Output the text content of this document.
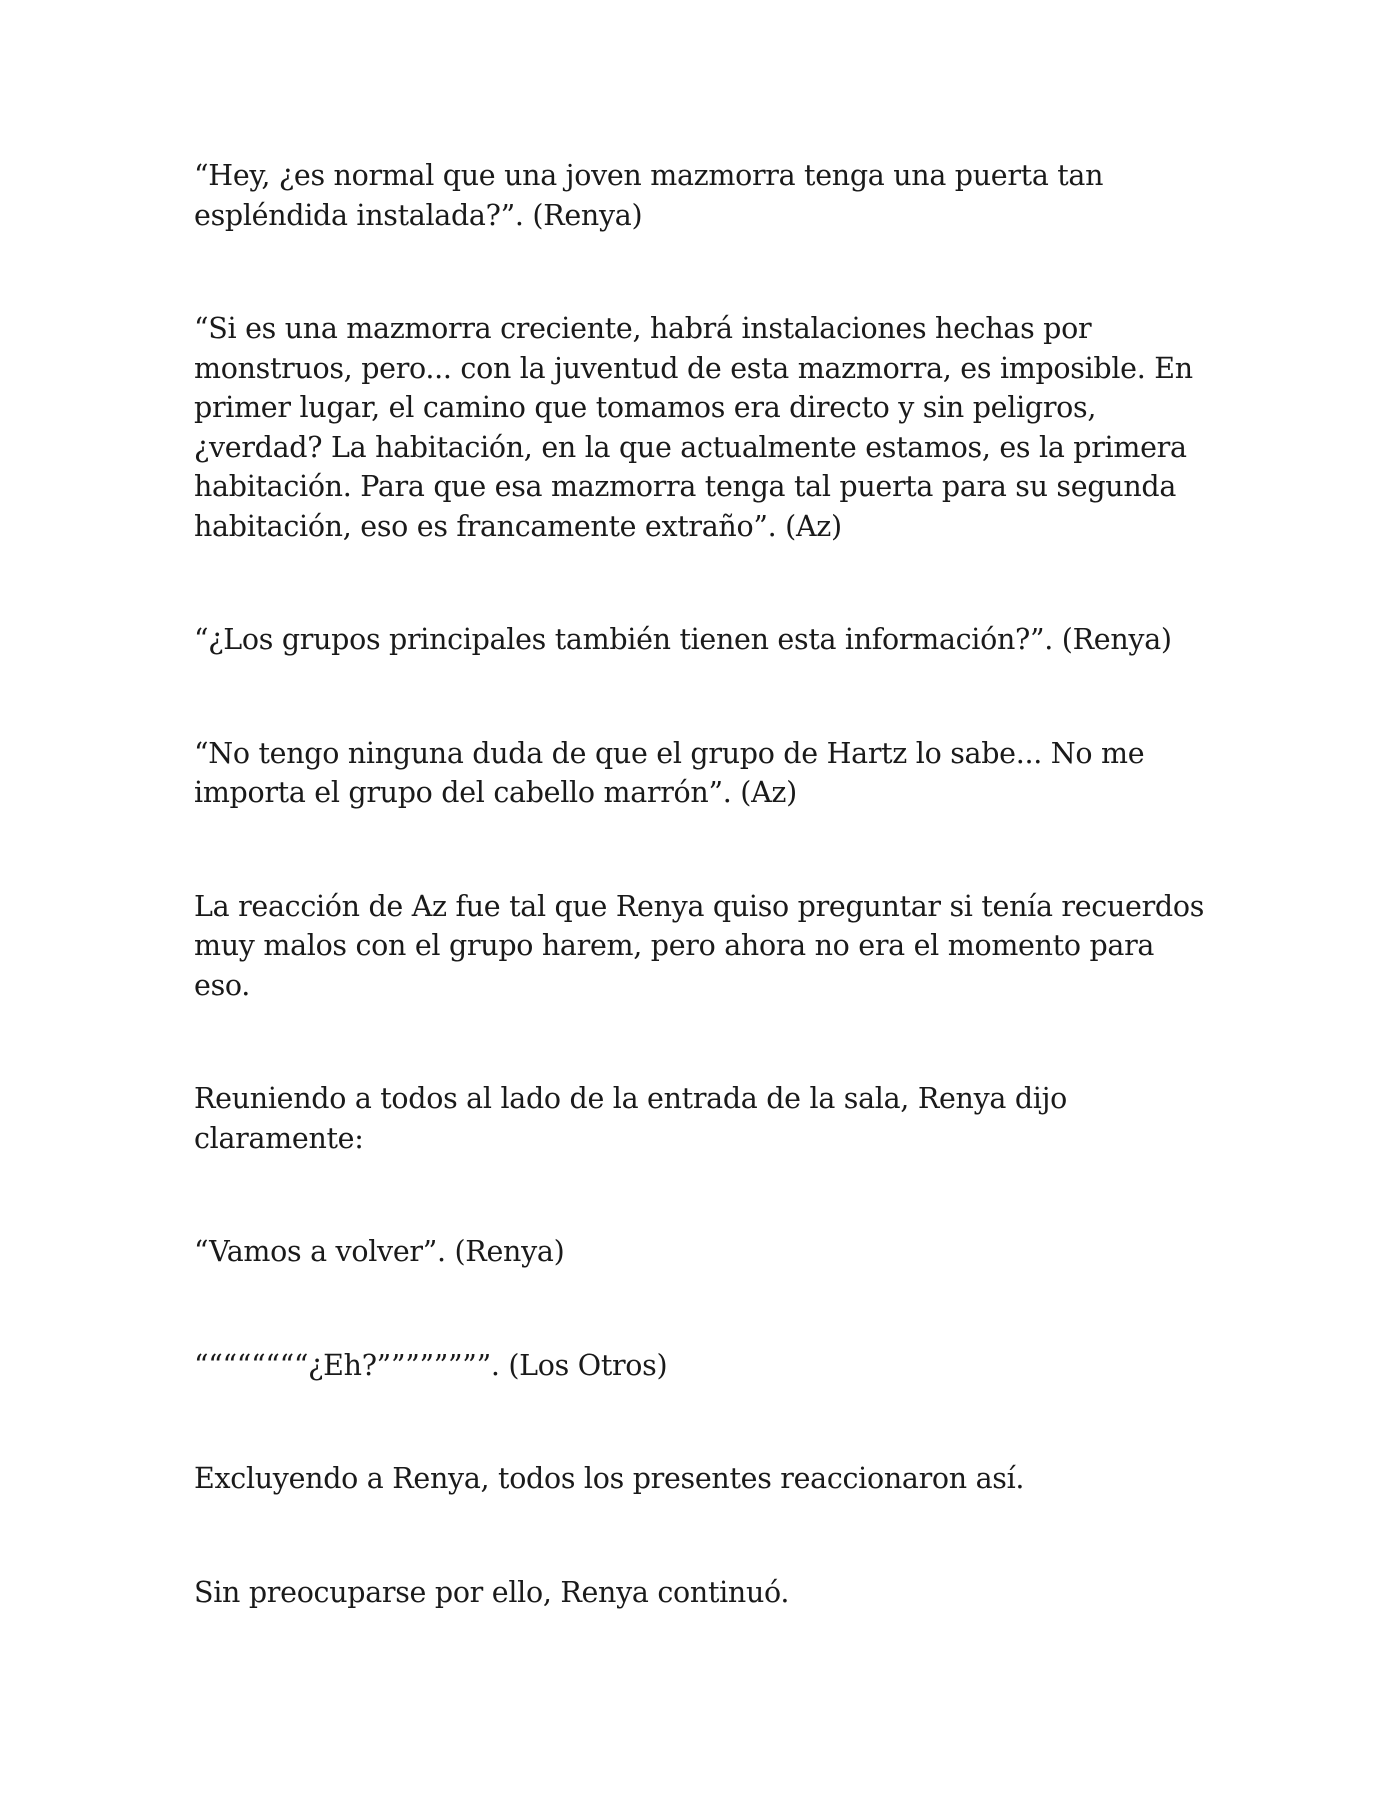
“Hey, ¿es normal que una joven mazmorra tenga una puerta tan
espléndida instalada?”. (Renya)

“Si es una mazmorra creciente, habrá instalaciones hechas por
monstruos, pero... con la juventud de esta mazmorra, es imposible. En
primer lugar, el camino que tomamos era directo y sin peligros,
¿verdad? La habitación, en la que actualmente estamos, es la primera
habitación. Para que esa mazmorra tenga tal puerta para su segunda
habitación, eso es francamente extraño”. (Az)

“¿Los grupos principales también tienen esta información?”. (Renya)

“No tengo ninguna duda de que el grupo de Hartz lo sabe... No me
importa el grupo del cabello marrón”. (Az)

La reacción de Az fue tal que Renya quiso preguntar si tenía recuerdos
muy malos con el grupo harem, pero ahora no era el momento para
eso.

Reuniendo a todos al lado de la entrada de la sala, Renya dijo
claramente:

“Vamos a volver”. (Renya)

““““““““¿Eh?””””””””. (Los Otros)

Excluyendo a Renya, todos los presentes reaccionaron así.

Sin preocuparse por ello, Renya continuó.
